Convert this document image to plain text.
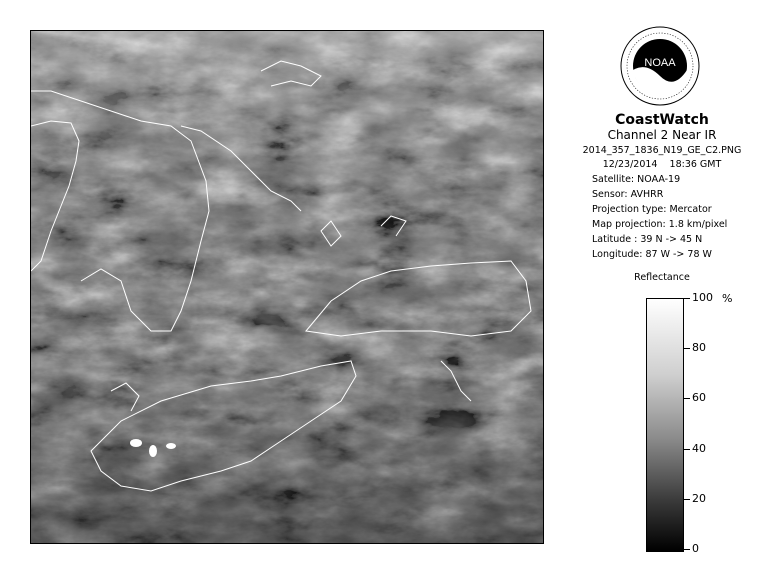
NOAA
CoastWatch
Channel 2 Near IR
2014_357_1836_N19_GE_C2.PNG
12/23/2014    18:36 GMT
Satellite: NOAA-19
Sensor: AVHRR
Projection type: Mercator
Map projection: 1.8 km/pixel
Latitude : 39 N -> 45 N
Longitude: 87 W -> 78 W
Reflectance
%
100
80
60
40
20
0
